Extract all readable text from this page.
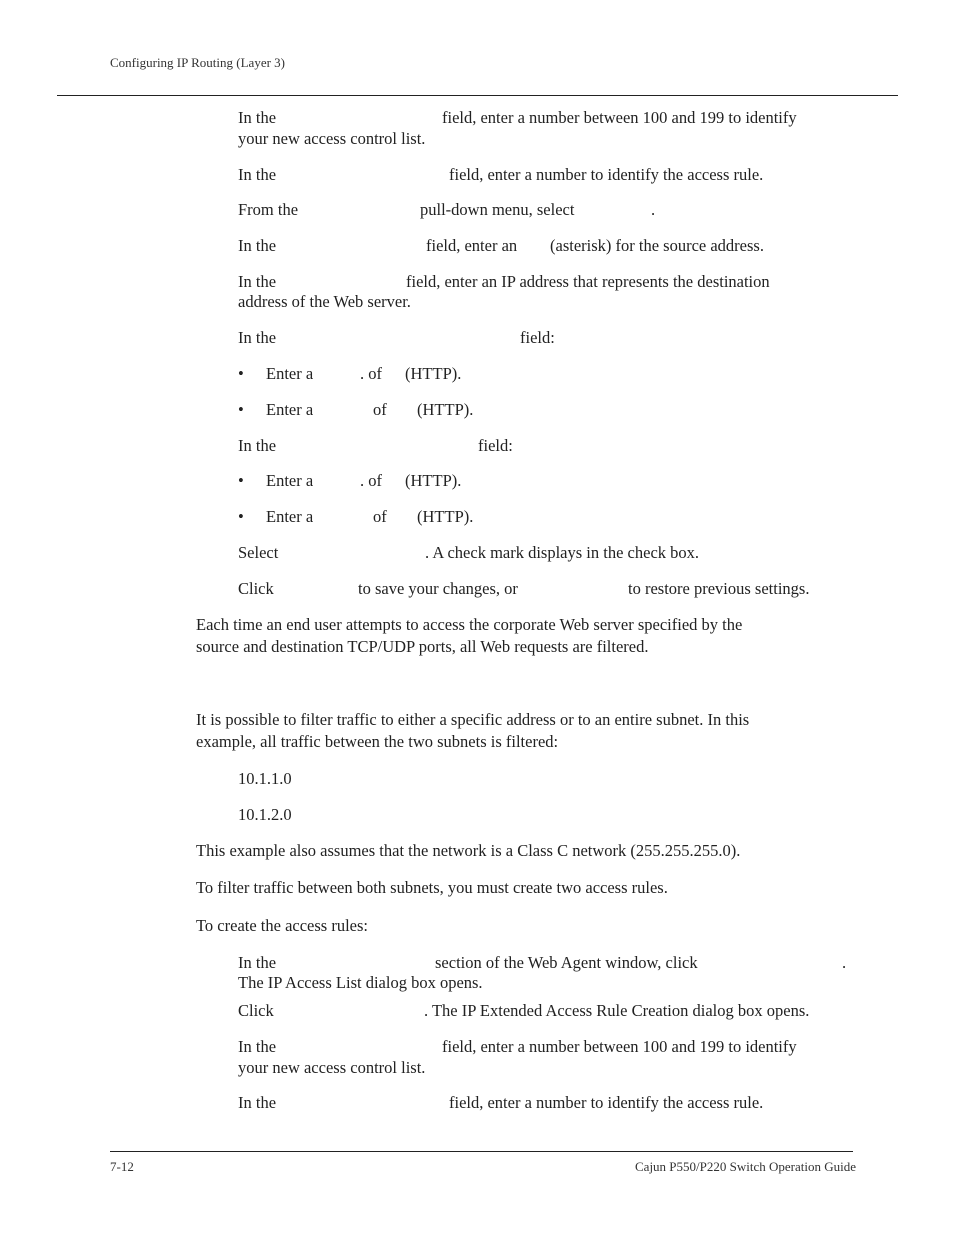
Configuring IP Routing (Layer 3)
In the	field, enter a number between 100 and 199 to identify
your new access control list.
In the	field, enter a number to identify the access rule.
From the	pull-down menu, select	.
In the	field, enter an (asterisk) for the source address.
In the	field, enter an IP address that represents the destination
address of the Web server.
In the	field:
• Enter a	. of (HTTP).
• Enter a	of (HTTP).
In the	field:
• Enter a	. of (HTTP).
• Enter a	of (HTTP).
Select	. A check mark displays in the check box.
Click	to save your changes, or	to restore previous settings.
Each time an end user attempts to access the corporate Web server specified by the
source and destination TCP/UDP ports, all Web requests are filtered.
It is possible to filter traffic to either a specific address or to an entire subnet. In this
example, all traffic between the two subnets is filtered:
10.1.1.0
10.1.2.0
This example also assumes that the network is a Class C network (255.255.255.0).
To filter traffic between both subnets, you must create two access rules.
To create the access rules:
In the	section of the Web Agent window, click	.
The IP Access List dialog box opens.
Click	. The IP Extended Access Rule Creation dialog box opens.
In the	field, enter a number between 100 and 199 to identify
your new access control list.
In the	field, enter a number to identify the access rule.
7-12	Cajun P550/P220 Switch Operation Guide
